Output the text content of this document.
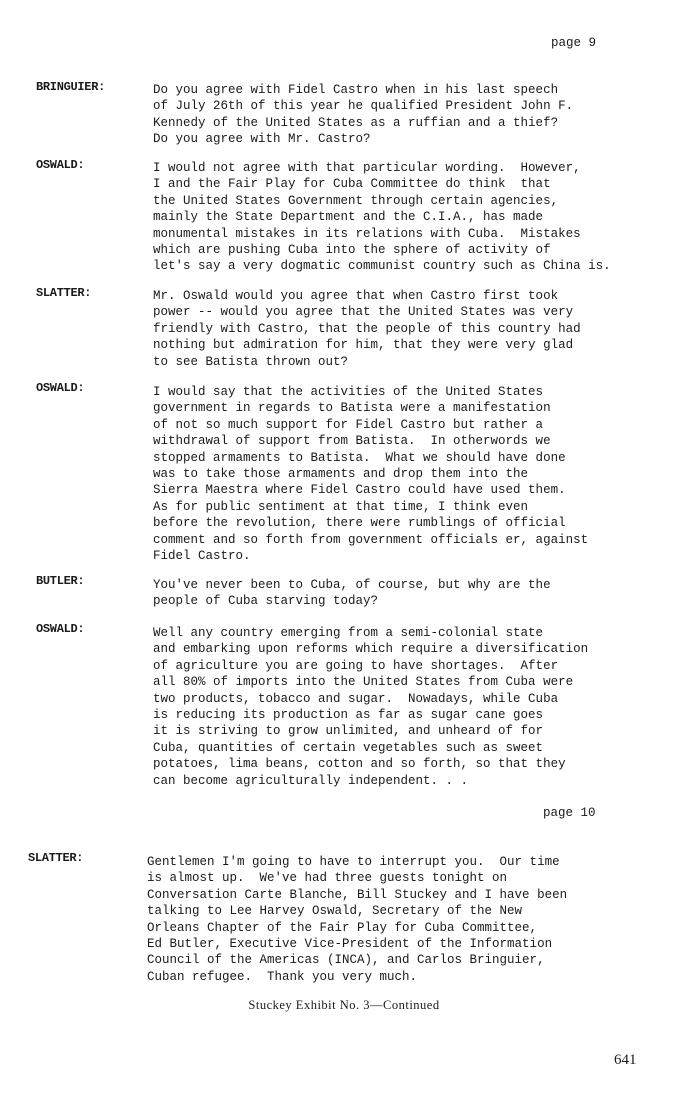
page 9
BRINGUIER:	Do you agree with Fidel Castro when in his last speech
of July 26th of this year he qualified President John F.
Kennedy of the United States as a ruffian and a thief?
Do you agree with Mr. Castro?
OSWALD:	I would not agree with that particular wording.  However,
I and the Fair Play for Cuba Committee do think  that
the United States Government through certain agencies,
mainly the State Department and the C.I.A., has made
monumental mistakes in its relations with Cuba.  Mistakes
which are pushing Cuba into the sphere of activity of
let's say a very dogmatic communist country such as China is.
SLATTER:	Mr. Oswald would you agree that when Castro first took
power -- would you agree that the United States was very
friendly with Castro, that the people of this country had
nothing but admiration for him, that they were very glad
to see Batista thrown out?
OSWALD:	I would say that the activities of the United States
government in regards to Batista were a manifestation
of not so much support for Fidel Castro but rather a
withdrawal of support from Batista.  In otherwords we
stopped armaments to Batista.  What we should have done
was to take those armaments and drop them into the
Sierra Maestra where Fidel Castro could have used them.
As for public sentiment at that time, I think even
before the revolution, there were rumblings of official
comment and so forth from government officials er, against
Fidel Castro.
BUTLER:	You've never been to Cuba, of course, but why are the
people of Cuba starving today?
OSWALD:	Well any country emerging from a semi-colonial state
and embarking upon reforms which require a diversification
of agriculture you are going to have shortages.  After
all 80% of imports into the United States from Cuba were
two products, tobacco and sugar.  Nowadays, while Cuba
is reducing its production as far as sugar cane goes
it is striving to grow unlimited, and unheard of for
Cuba, quantities of certain vegetables such as sweet
potatoes, lima beans, cotton and so forth, so that they
can become agriculturally independent. . .
page 10
SLATTER:	Gentlemen I'm going to have to interrupt you.  Our time
is almost up.  We've had three guests tonight on
Conversation Carte Blanche, Bill Stuckey and I have been
talking to Lee Harvey Oswald, Secretary of the New
Orleans Chapter of the Fair Play for Cuba Committee,
Ed Butler, Executive Vice-President of the Information
Council of the Americas (INCA), and Carlos Bringuier,
Cuban refugee.  Thank you very much.
Stuckey Exhibit No. 3—Continued
641
